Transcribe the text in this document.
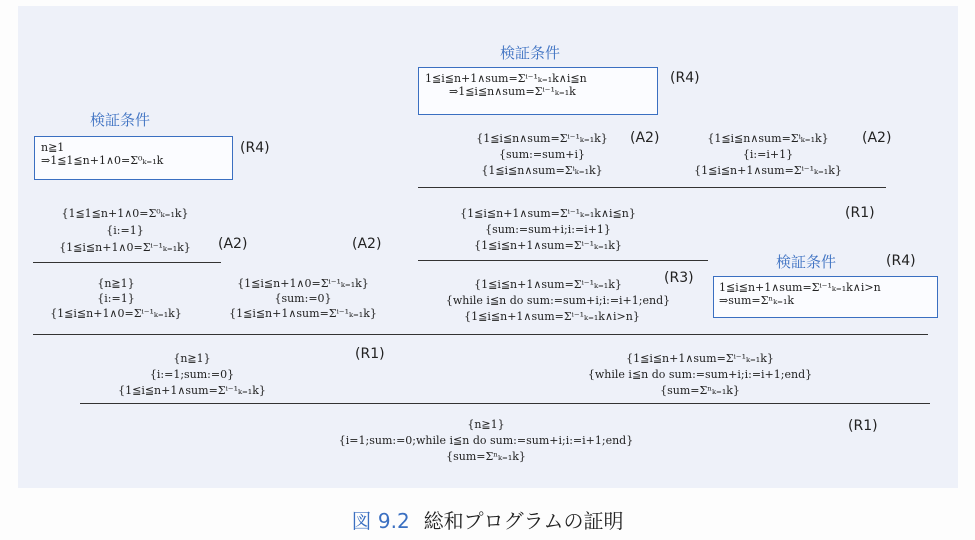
検証条件
1≦i≦n+1∧sum=Σⁱ⁻¹ₖ₌₁k∧i≦n
⇒1≦i≦n∧sum=Σⁱ⁻¹ₖ₌₁k
(R4)
検証条件
n≧1
⇒1≦1≦n+1∧0=Σ⁰ₖ₌₁k
(R4)
{1≦i≦n∧sum=Σⁱ⁻¹ₖ₌₁k}
{sum:=sum+i}
{1≦i≦n∧sum=Σⁱₖ₌₁k}
(A2)	{1≦i≦n∧sum=Σⁱₖ₌₁k}
{i:=i+1}
{1≦i≦n+1∧sum=Σⁱ⁻¹ₖ₌₁k}
(A2)
{1≦i≦n+1∧sum=Σⁱ⁻¹ₖ₌₁k∧i≦n}
{sum:=sum+i;i:=i+1}
{1≦i≦n+1∧sum=Σⁱ⁻¹ₖ₌₁k}
(R1)
{1≦1≦n+1∧0=Σ⁰ₖ₌₁k}
{i:=1}
{1≦i≦n+1∧0=Σⁱ⁻¹ₖ₌₁k} (A2)	(A2)
{n≧1}
{i:=1}
{1≦i≦n+1∧0=Σⁱ⁻¹ₖ₌₁k}
{1≦i≦n+1∧0=Σⁱ⁻¹ₖ₌₁k}
{sum:=0}
{1≦i≦n+1∧sum=Σⁱ⁻¹ₖ₌₁k}
{1≦i≦n+1∧sum=Σⁱ⁻¹ₖ₌₁k}
{while i≦n do sum:=sum+i;i:=i+1;end}
{1≦i≦n+1∧sum=Σⁱ⁻¹ₖ₌₁k∧i>n}
(R3)
検証条件	(R4)
1≦i≦n+1∧sum=Σⁱ⁻¹ₖ₌₁k∧i>n
⇒sum=Σⁿₖ₌₁k
{n≧1}
{i:=1;sum:=0}
{1≦i≦n+1∧sum=Σⁱ⁻¹ₖ₌₁k}
(R1)	{1≦i≦n+1∧sum=Σⁱ⁻¹ₖ₌₁k}
{while i≦n do sum:=sum+i;i:=i+1;end}
{sum=Σⁿₖ₌₁k}
{n≧1}
{i=1;sum:=0;while i≦n do sum:=sum+i;i:=i+1;end}
{sum=Σⁿₖ₌₁k}
(R1)
図 9.2 総和プログラムの証明
